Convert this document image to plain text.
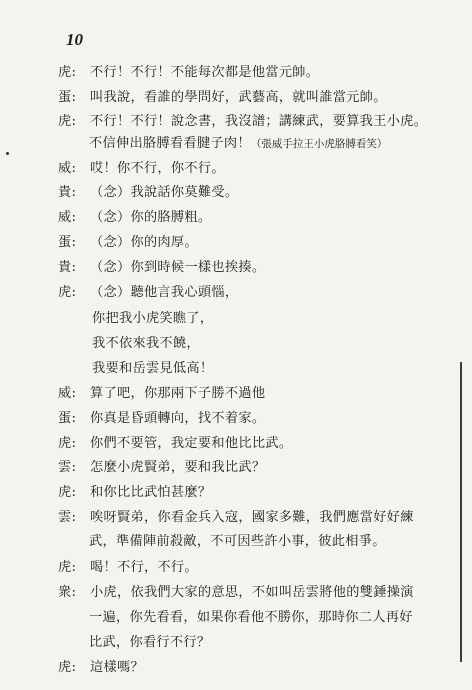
10
虎: 不行！不行！不能每次都是他當元帥。
蛋: 叫我說，看誰的學問好，武藝高，就叫誰當元帥。
虎: 不行！不行！說念書，我沒譜；講練武，要算我王小虎。
不信伸出胳膊看看腱子肉！（張威手拉王小虎胳膊看笑）
威: 哎！你不行，你不行。
貴: （念）我說話你莫難受。
威: （念）你的胳膊粗。
蛋: （念）你的肉厚。
貴: （念）你到時候一樣也挨揍。
虎: （念）聽他言我心頭惱，
你把我小虎笑瞧了，
我不依來我不饒，
我要和岳雲見低高！
威: 算了吧，你那兩下子勝不過他
蛋: 你真是昏頭轉向，找不着家。
虎: 你們不要管，我定要和他比比武。
雲: 怎麼小虎賢弟，要和我比武？
虎: 和你比比武怕甚麼？
雲: 唉呀賢弟，你看金兵入寇，國家多難，我們應當好好練
武，準備陣前殺敵，不可因些許小事，彼此相爭。
虎: 喝！不行，不行。
衆: 小虎，依我們大家的意思，不如叫岳雲將他的雙錘操演
一遍，你先看看，如果你看他不勝你，那時你二人再好
比武，你看行不行？
虎: 這樣嗎？
